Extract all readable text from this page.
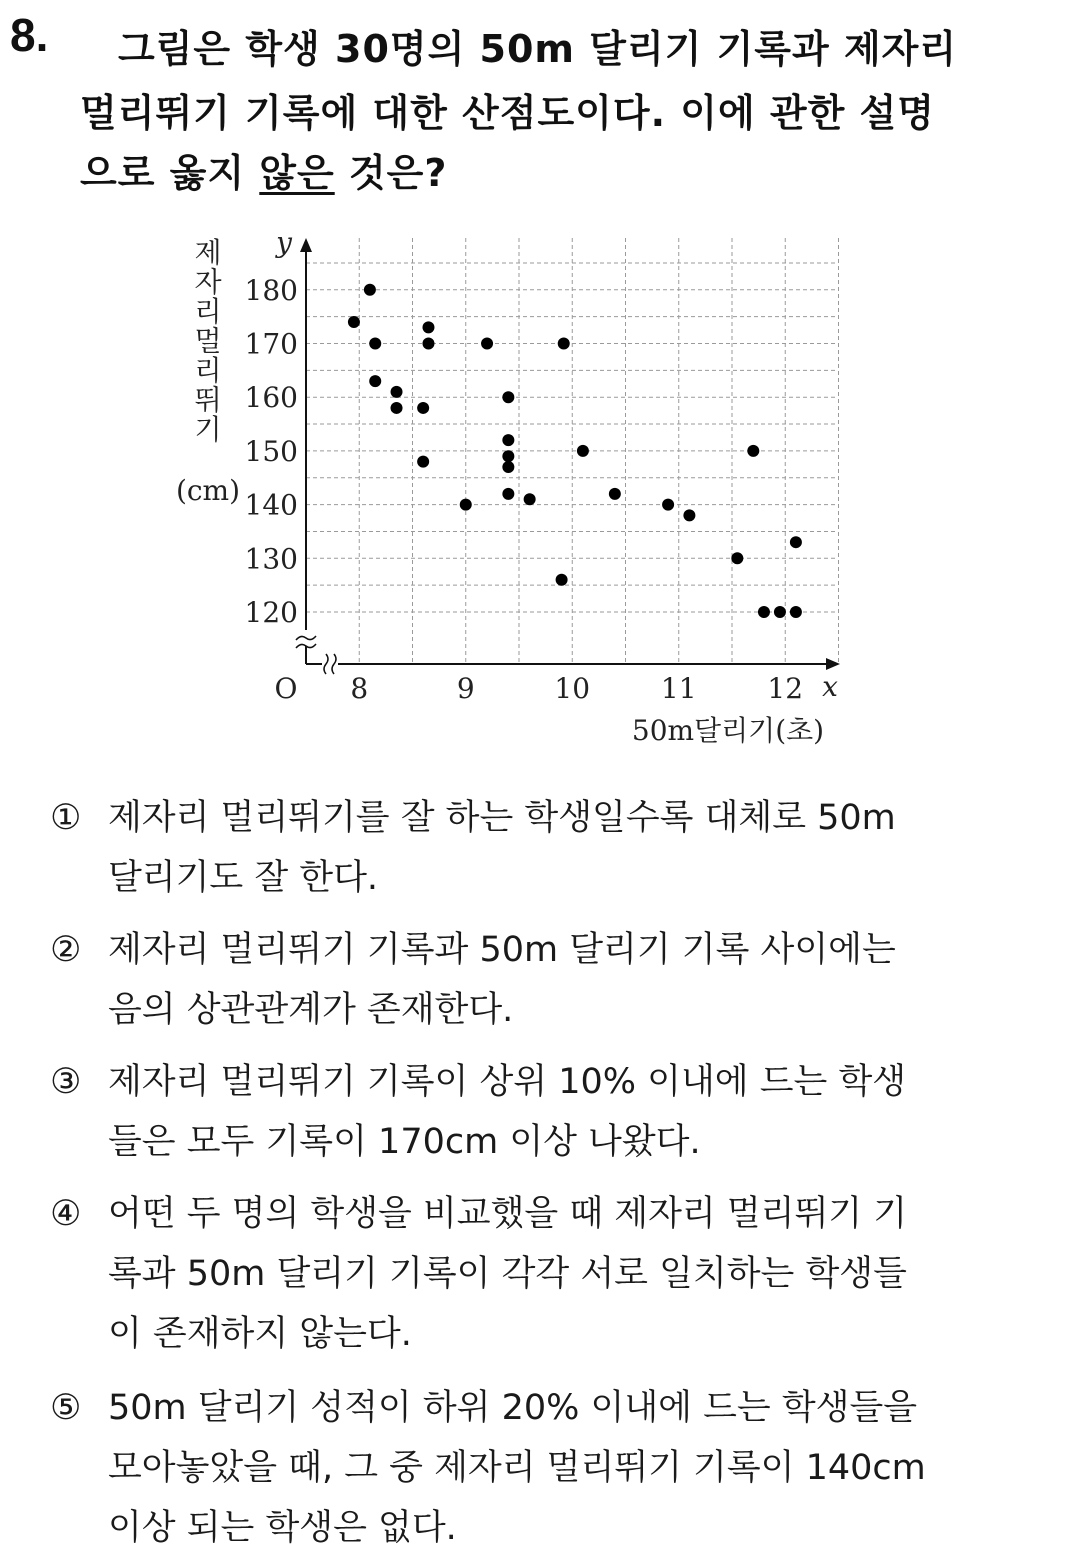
8. 그림은 학생 30명의 50m 달리기 기록과 제자리
멀리뛰기 기록에 대한 산점도이다. 이에 관한 설명
으로 옳지 않은 것은?
120
130
140
150
160
170
180
8	9	10	11	12
O
y
x
제
자
리
멀
리
뛰
기
(cm)
50m달리기(초)
① 제자리 멀리뛰기를 잘 하는 학생일수록 대체로 50m
달리기도 잘 한다.
② 제자리 멀리뛰기 기록과 50m 달리기 기록 사이에는
음의 상관관계가 존재한다.
③ 제자리 멀리뛰기 기록이 상위 10% 이내에 드는 학생
들은 모두 기록이 170cm 이상 나왔다.
④ 어떤 두 명의 학생을 비교했을 때 제자리 멀리뛰기 기
록과 50m 달리기 기록이 각각 서로 일치하는 학생들
이 존재하지 않는다.
⑤ 50m 달리기 성적이 하위 20% 이내에 드는 학생들을
모아놓았을 때, 그 중 제자리 멀리뛰기 기록이 140cm
이상 되는 학생은 없다.
